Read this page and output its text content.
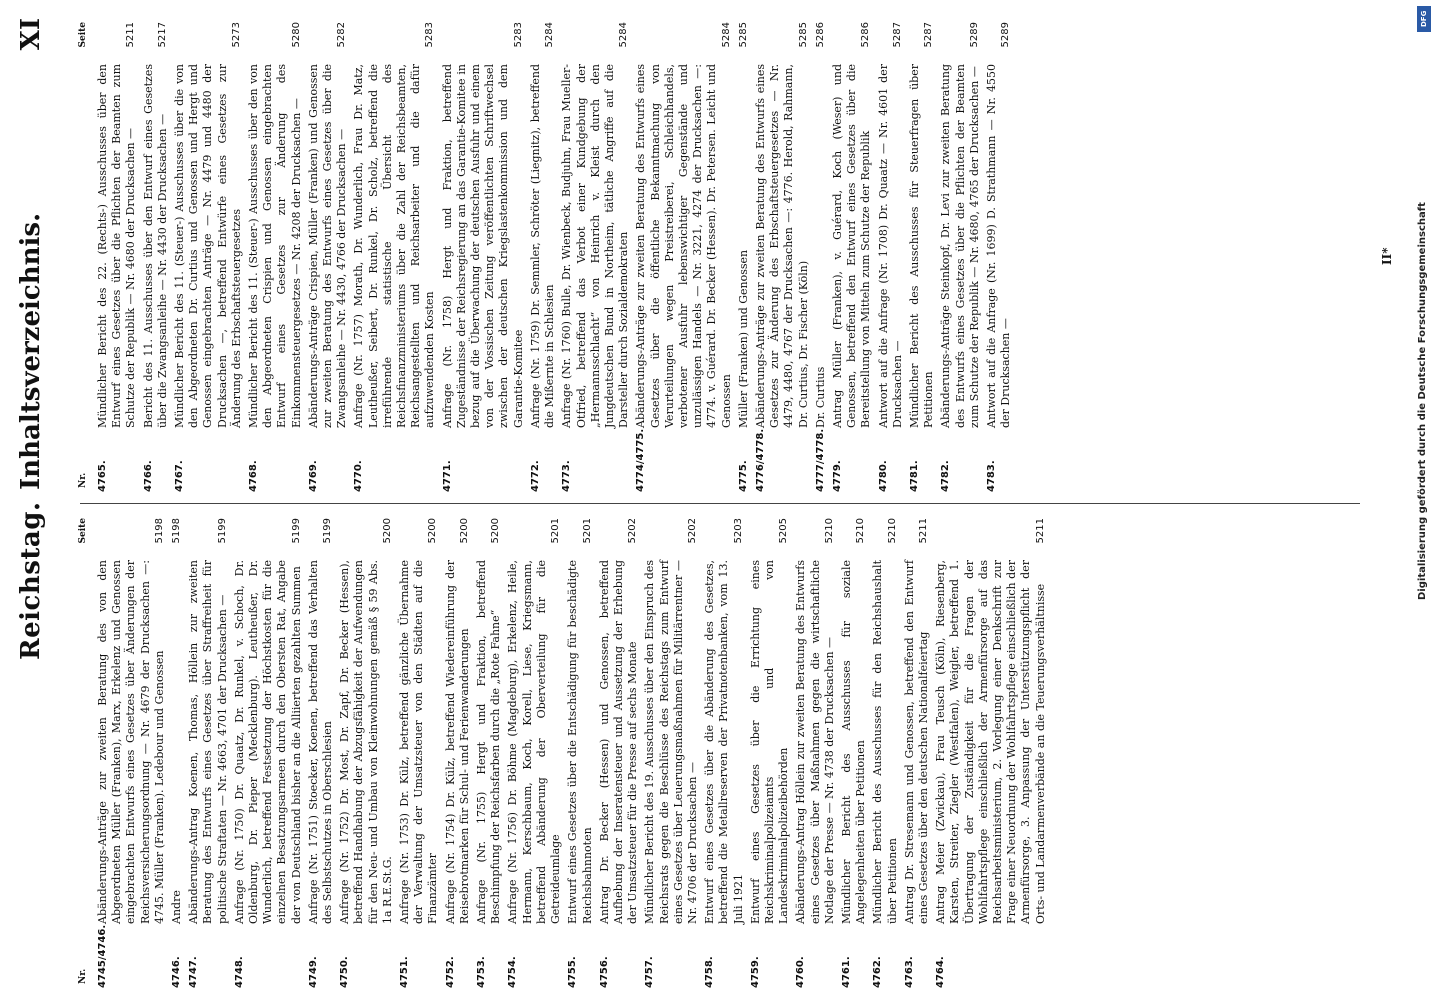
Reichstag.
Inhaltsverzeichnis.
XI
Nr.
Seite
4745/4746.
Abänderungs-Anträge zur zweiten Beratung des von den Abgeordneten Müller (Franken), Marx, Erkelenz und Genossen eingebrachten Entwurfs eines Gesetzes über Änderungen der Reichsversicherungsordnung — Nr. 4679 der Drucksachen —: 4745. Müller (Franken). Ledebour und Genossen
5198
4746.
Andre
5198
4747.
Abänderungs-Antrag Koenen, Thomas, Höllein zur zweiten Beratung des Entwurfs eines Gesetzes über Straffreiheit für politische Straftaten — Nr. 4663, 4701 der Drucksachen —
5199
4748.
Anfrage (Nr. 1750) Dr. Quaatz, Dr. Runkel, v. Schoch, Dr. Oldenburg, Dr. Pieper (Mecklenburg). Leutheußer, Dr. Wunderlich, betreffend Festsetzung der Höchstkosten für die einzelnen Besatzungsarmeen durch den Obersten Rat, Angabe der von Deutschland bisher an die Alliierten gezahlten Summen
5199
4749.
Anfrage (Nr. 1751) Stoecker, Koenen, betreffend das Verhalten des Selbstschutzes in Oberschlesien
5199
4750.
Anfrage (Nr. 1752) Dr. Most, Dr. Zapf, Dr. Becker (Hessen), betreffend Handhabung der Abzugsfähigkeit der Aufwendungen für den Neu- und Umbau von Kleinwohnungen gemäß § 59 Abs. 1a R.E.St.G.
5200
4751.
Anfrage (Nr. 1753) Dr. Külz, betreffend gänzliche Übernahme der Verwaltung der Umsatzsteuer von den Städten auf die Finanzämter
5200
4752.
Anfrage (Nr. 1754) Dr. Külz, betreffend Wiedereinführung der Reisebrotmarken für Schul- und Ferienwanderungen
5200
4753.
Anfrage (Nr. 1755) Hergt und Fraktion, betreffend Beschimpfung der Reichsfarben durch die „Rote Fahne“
5200
4754.
Anfrage (Nr. 1756) Dr. Böhme (Magdeburg), Erkelenz, Heile, Hermann, Kerschbaum, Koch, Korell, Liese, Kriegsmann, betreffend Abänderung der Oberverteilung für die Getreideumlage
5201
4755.
Entwurf eines Gesetzes über die Entschädigung für beschädigte Reichsbahnnoten
5201
4756.
Antrag Dr. Becker (Hessen) und Genossen, betreffend Aufhebung der Inseratensteuer und Aussetzung der Erhebung der Umsatzsteuer für die Presse auf sechs Monate
5202
4757.
Mündlicher Bericht des 19. Ausschusses über den Einspruch des Reichsrats gegen die Beschlüsse des Reichstags zum Entwurf eines Gesetzes über Leuerungsmaßnahmen für Militärrentner — Nr. 4706 der Drucksachen —
5202
4758.
Entwurf eines Gesetzes über die Abänderung des Gesetzes, betreffend die Metallreserven der Privatnotenbanken, vom 13. Juli 1921
5203
4759.
Entwurf eines Gesetzes über die Errichtung eines Reichskriminalpolizeiamts und von Landeskriminalpolizeibehörden
5205
4760.
Abänderungs-Antrag Höllein zur zweiten Beratung des Entwurfs eines Gesetzes über Maßnahmen gegen die wirtschaftliche Notlage der Presse — Nr. 4738 der Drucksachen —
5210
4761.
Mündlicher Bericht des Ausschusses für soziale Angelegenheiten über Petitionen
5210
4762.
Mündlicher Bericht des Ausschusses für den Reichshaushalt über Petitionen
5210
4763.
Antrag Dr. Stresemann und Genossen, betreffend den Entwurf eines Gesetzes über den deutschen Nationalfeiertag
5211
4764.
Antrag Meier (Zwickau), Frau Teusch (Köln), Riesenberg, Karsten, Streiter, Ziegler (Westfalen), Weigler, betreffend 1. Übertragung der Zuständigkeit für die Fragen der Wohlfahrtspflege einschließlich der Armenfürsorge auf das Reichsarbeitsministerium, 2. Vorlegung einer Denkschrift zur Frage einer Neuordnung der Wohlfahrtspflege einschließlich der Armenfürsorge, 3. Anpassung der Unterstützungspflicht der Orts- und Landarmenverbände an die Teuerungsverhältnisse
5211
Nr.
Seite
4765.
Mündlicher Bericht des 22. (Rechts-) Ausschusses über den Entwurf eines Gesetzes über die Pflichten der Beamten zum Schutze der Republik — Nr. 4680 der Drucksachen —
5211
4766.
Bericht des 11. Ausschusses über den Entwurf eines Gesetzes über die Zwangsanleihe — Nr. 4430 der Drucksachen —
5217
4767.
Mündlicher Bericht des 11. (Steuer-) Ausschusses über die von den Abgeordneten Dr. Curtius und Genossen und Hergt und Genossen eingebrachten Anträge — Nr. 4479 und 4480 der Drucksachen —, betreffend Entwürfe eines Gesetzes zur Änderung des Erbschaftsteuergesetzes
5273
4768.
Mündlicher Bericht des 11. (Steuer-) Ausschusses über den von den Abgeordneten Crispien und Genossen eingebrachten Entwurf eines Gesetzes zur Änderung des Einkommensteuergesetzes — Nr. 4208 der Drucksachen —
5280
4769.
Abänderungs-Anträge Crispien, Müller (Franken) und Genossen zur zweiten Beratung des Entwurfs eines Gesetzes über die Zwangsanleihe — Nr. 4430, 4766 der Drucksachen —
5282
4770.
Anfrage (Nr. 1757) Morath, Dr. Wunderlich, Frau Dr. Matz, Leutheußer, Seibert, Dr. Runkel, Dr. Scholz, betreffend die irreführende statistische Übersicht des Reichsfinanzministeriums über die Zahl der Reichsbeamten, Reichsangestellten und Reichsarbeiter und die dafür aufzuwendenden Kosten
5283
4771.
Anfrage (Nr. 1758) Hergt und Fraktion, betreffend Zugeständnisse der Reichsregierung an das Garantie-Komitee in bezug auf die Überwachung der deutschen Ausfuhr und einem von der Vossischen Zeitung veröffentlichten Schriftwechsel zwischen der deutschen Kriegslastenkommission und dem Garantie-Komitee
5283
4772.
Anfrage (Nr. 1759) Dr. Semmler, Schröter (Liegnitz), betreffend die Mißernte in Schlesien
5284
4773.
Anfrage (Nr. 1760) Bulle, Dr. Wienbeck, Budjuhn, Frau Mueller-Otfried, betreffend das Verbot einer Kundgebung der „Hermannsschlacht“ von Heinrich v. Kleist durch den Jungdeutschen Bund in Northeim, tätliche Angriffe auf die Darsteller durch Sozialdemokraten
5284
4774/4775.
Abänderungs-Anträge zur zweiten Beratung des Entwurfs eines Gesetzes über die öffentliche Bekanntmachung von Verurteilungen wegen Preistreiberei, Schleichhandels, verbotener Ausfuhr lebenswichtiger Gegenstände und unzulässigen Handels — Nr. 3221, 4274 der Drucksachen —: 4774. v. Guérard. Dr. Becker (Hessen). Dr. Petersen. Leicht und Genossen
5284
4775.
Müller (Franken) und Genossen
5285
4776/4778.
Abänderungs-Anträge zur zweiten Beratung des Entwurfs eines Gesetzes zur Änderung des Erbschaftsteuergesetzes — Nr. 4479, 4480, 4767 der Drucksachen —: 4776. Herold, Rahmann, Dr. Curtius, Dr. Fischer (Köln)
5285
4777/4778.
Dr. Curtius
5286
4779.
Antrag Müller (Franken), v. Guérard, Koch (Weser) und Genossen, betreffend den Entwurf eines Gesetzes über die Bereitstellung von Mitteln zum Schutze der Republik
5286
4780.
Antwort auf die Anfrage (Nr. 1708) Dr. Quaatz — Nr. 4601 der Drucksachen —
5287
4781.
Mündlicher Bericht des Ausschusses für Steuerfragen über Petitionen
5287
4782.
Abänderungs-Anträge Steinkopf, Dr. Levi zur zweiten Beratung des Entwurfs eines Gesetzes über die Pflichten der Beamten zum Schutze der Republik — Nr. 4680, 4765 der Drucksachen —
5289
4783.
Antwort auf die Anfrage (Nr. 1699) D. Strathmann — Nr. 4550 der Drucksachen —
5289
II*
DFG
Digitalisierung gefördert durch die Deutsche Forschungsgemeinschaft
